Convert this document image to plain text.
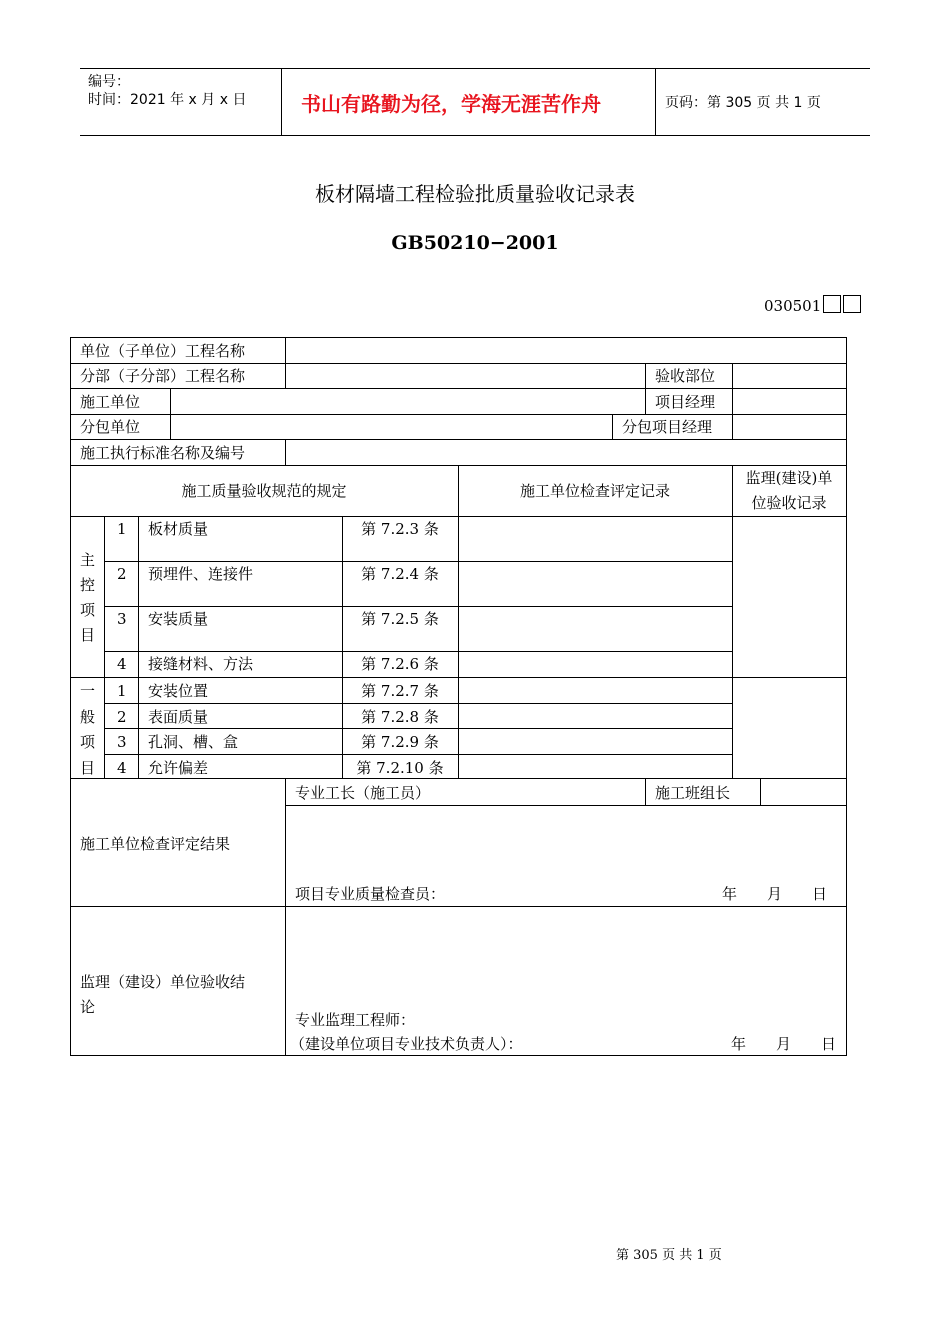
编号：
时间：2021 年 x 月 x 日	书山有路勤为径，学海无涯苦作舟	页码：第 305 页 共 1 页
板材隔墙工程检验批质量验收记录表
GB50210−2001
030501
单位（子单位）工程名称
分部（子分部）工程名称	验收部位
施工单位	项目经理
分包单位	分包项目经理
施工执行标准名称及编号
施工质量验收规范的规定	施工单位检查评定记录
监理(建设)单
位验收记录
主
控
项
目
1 板材质量	第 7.2.3 条
2 预埋件、连接件	第 7.2.4 条
3 安装质量	第 7.2.5 条
4 接缝材料、方法	第 7.2.6 条
一
般
项
目
1 安装位置	第 7.2.7 条
2 表面质量	第 7.2.8 条
3 孔洞、槽、盒	第 7.2.9 条
4 允许偏差	第 7.2.10 条
专业工长（施工员）	施工班组长
施工单位检查评定结果
项目专业质量检查员：	年　　月　　日
监理（建设）单位验收结
论
专业监理工程师：
（建设单位项目专业技术负责人）：	年　　月　　日
第 305 页 共 1 页
